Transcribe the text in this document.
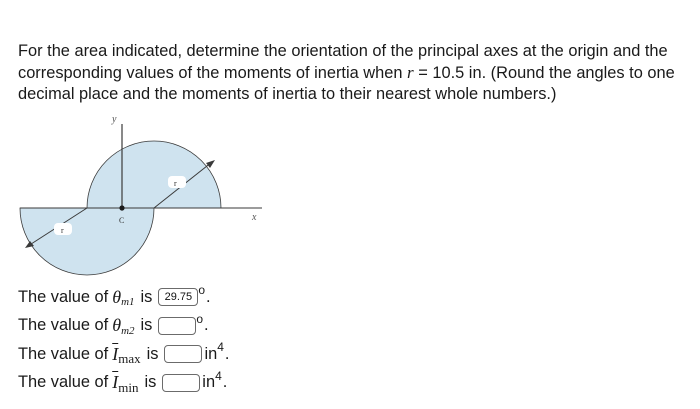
For the area indicated, determine the orientation of the principal axes at the origin and the corresponding values of the moments of inertia when r = 10.5 in. (Round the angles to one decimal place and the moments of inertia to their nearest whole numbers.)

y
x
C
r
r
The value of θ m1 is	29.75 o .
The value of θ m2 is	o .
The value of $\overline{I}$ max is	in 4 .
The value of $\overline{I}$ min is	in 4 .
